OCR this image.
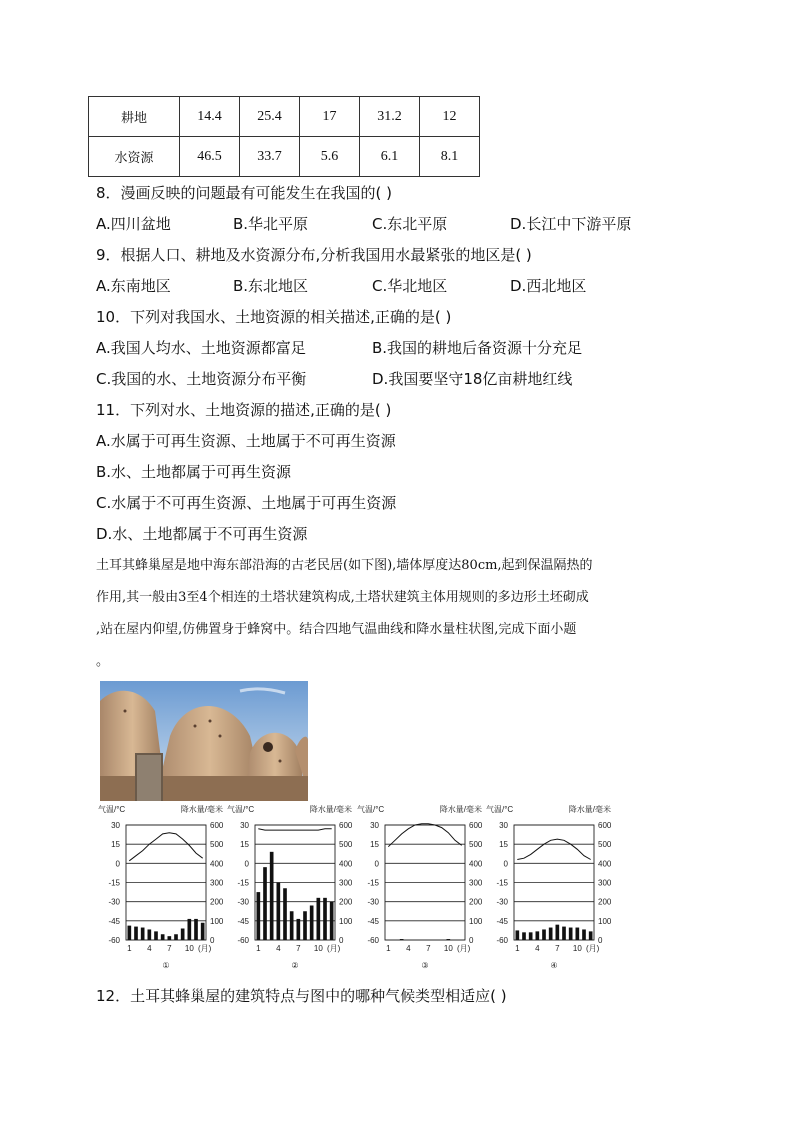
耕地	14.4	25.4	17	31.2	12
水资源	46.5	33.7	5.6	6.1	8.1
8．漫画反映的问题最有可能发生在我国的( )
A.四川盆地	B.华北平原	C.东北平原	D.长江中下游平原
9．根据人口、耕地及水资源分布,分析我国用水最紧张的地区是( )
A.东南地区	B.东北地区	C.华北地区	D.西北地区
10．下列对我国水、土地资源的相关描述,正确的是( )
A.我国人均水、土地资源都富足	B.我国的耕地后备资源十分充足
C.我国的水、土地资源分布平衡	D.我国要坚守18亿亩耕地红线
11．下列对水、土地资源的描述,正确的是( )
A.水属于可再生资源、土地属于不可再生资源
B.水、土地都属于可再生资源
C.水属于不可再生资源、土地属于可再生资源
D.水、土地都属于不可再生资源
土耳其蜂巢屋是地中海东部沿海的古老民居(如下图),墙体厚度达80cm,起到保温隔热的
作用,其一般由3至4个相连的土塔状建筑构成,土塔状建筑主体用规则的多边形土坯砌成
,站在屋内仰望,仿佛置身于蜂窝中。结合四地气温曲线和降水量柱状图,完成下面小题
。
气温/°C	降水量/毫米
30	600
15	500
0	400
-15	300
-30	200
-45	100
-60	0
1 4 7 10 (月)
①
气温/°C	降水量/毫米
30	600
15	500
0	400
-15	300
-30	200
-45	100
-60	0
1 4 7 10 (月)
②
气温/°C	降水量/毫米
30	600
15	500
0	400
-15	300
-30	200
-45	100
-60	0
1 4 7 10 (月)
③
气温/°C	降水量/毫米
30	600
15	500
0	400
-15	300
-30	200
-45	100
-60	0
1 4 7 10 (月)
④
12．土耳其蜂巢屋的建筑特点与图中的哪种气候类型相适应( )
